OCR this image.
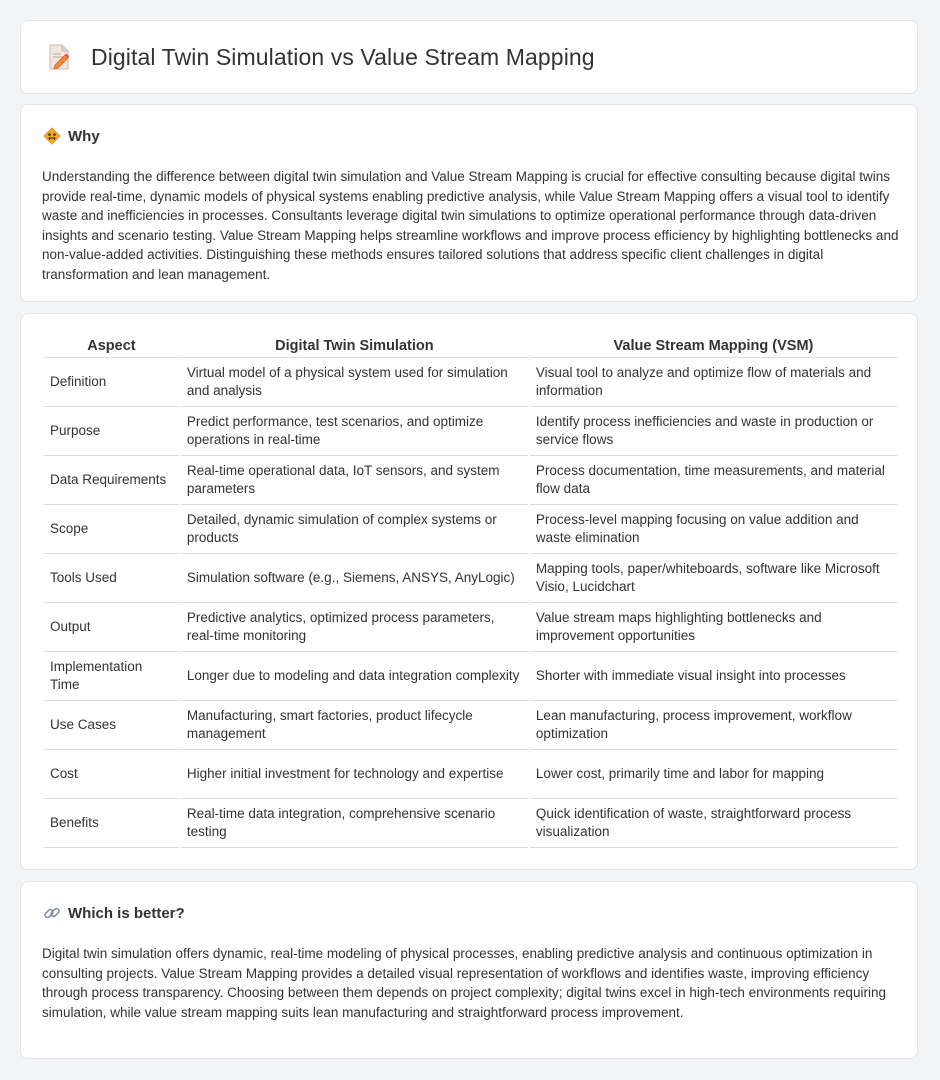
Digital Twin Simulation vs Value Stream Mapping
Why

Understanding the difference between digital twin simulation and Value Stream Mapping is crucial for effective consulting because digital twins provide real-time, dynamic models of physical systems enabling predictive analysis, while Value Stream Mapping offers a visual tool to identify waste and inefficiencies in processes. Consultants leverage digital twin simulations to optimize operational performance through data-driven insights and scenario testing. Value Stream Mapping helps streamline workflows and improve process efficiency by highlighting bottlenecks and non-value-added activities. Distinguishing these methods ensures tailored solutions that address specific client challenges in digital transformation and lean management.

Aspect	Digital Twin Simulation	Value Stream Mapping (VSM)
Definition	Virtual model of a physical system used for simulation and analysis	Visual tool to analyze and optimize flow of materials and information
Purpose	Predict performance, test scenarios, and optimize operations in real-time	Identify process inefficiencies and waste in production or service flows
Data Requirements	Real-time operational data, IoT sensors, and system parameters	Process documentation, time measurements, and material flow data
Scope	Detailed, dynamic simulation of complex systems or products	Process-level mapping focusing on value addition and waste elimination
Tools Used	Simulation software (e.g., Siemens, ANSYS, AnyLogic)	Mapping tools, paper/whiteboards, software like Microsoft Visio, Lucidchart
Output	Predictive analytics, optimized process parameters, real-time monitoring	Value stream maps highlighting bottlenecks and improvement opportunities
Implementation Time	Longer due to modeling and data integration complexity	Shorter with immediate visual insight into processes
Use Cases	Manufacturing, smart factories, product lifecycle management	Lean manufacturing, process improvement, workflow optimization
Cost	Higher initial investment for technology and expertise	Lower cost, primarily time and labor for mapping
Benefits	Real-time data integration, comprehensive scenario testing	Quick identification of waste, straightforward process visualization
Which is better?

Digital twin simulation offers dynamic, real-time modeling of physical processes, enabling predictive analysis and continuous optimization in consulting projects. Value Stream Mapping provides a detailed visual representation of workflows and identifies waste, improving efficiency through process transparency. Choosing between them depends on project complexity; digital twins excel in high-tech environments requiring simulation, while value stream mapping suits lean manufacturing and straightforward process improvement.
